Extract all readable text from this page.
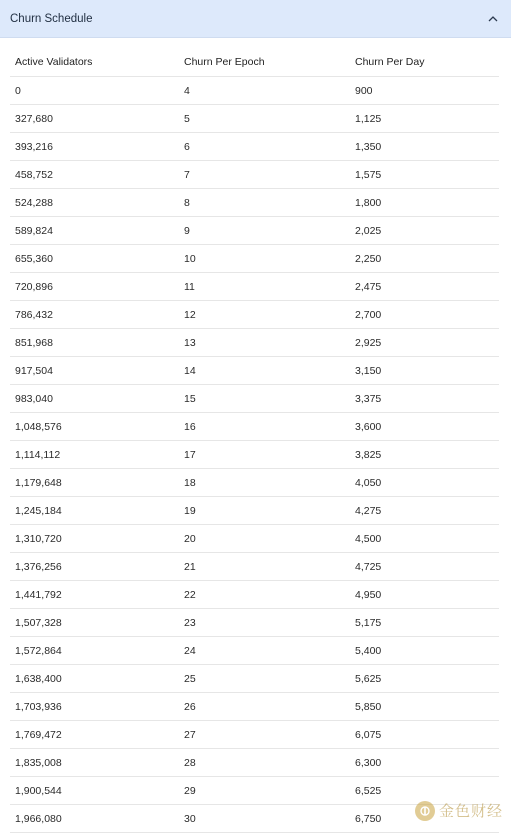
Churn Schedule
Active Validators	Churn Per Epoch	Churn Per Day
0	4	900
327,680	5	1,125
393,216	6	1,350
458,752	7	1,575
524,288	8	1,800
589,824	9	2,025
655,360	10	2,250
720,896	11	2,475
786,432	12	2,700
851,968	13	2,925
917,504	14	3,150
983,040	15	3,375
1,048,576	16	3,600
1,114,112	17	3,825
1,179,648	18	4,050
1,245,184	19	4,275
1,310,720	20	4,500
1,376,256	21	4,725
1,441,792	22	4,950
1,507,328	23	5,175
1,572,864	24	5,400
1,638,400	25	5,625
1,703,936	26	5,850
1,769,472	27	6,075
1,835,008	28	6,300
1,900,544	29	6,525
1,966,080	30	6,750	金色财经
